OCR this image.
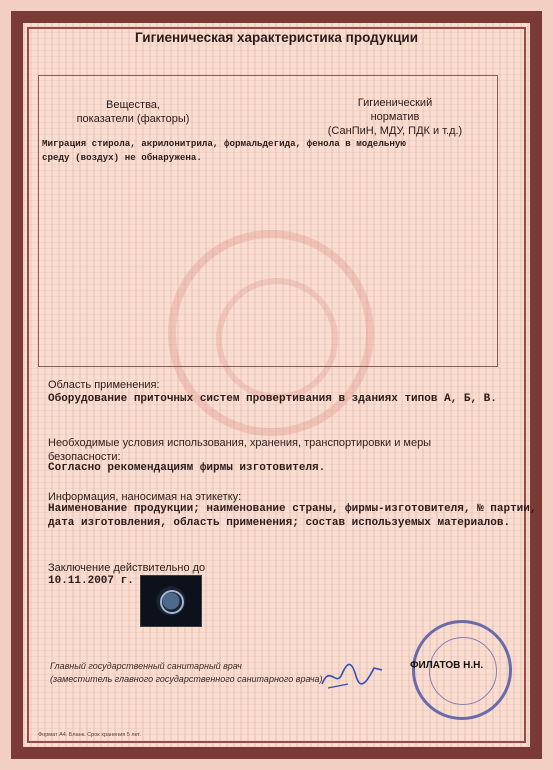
Гигиеническая характеристика продукции
Вещества,
показатели (факторы)
Гигиенический
норматив
(СанПиН, МДУ, ПДК и т.д.)
Миграция стирола, акрилонитрила, формальдегида, фенола в модельную
среду (воздух) не обнаружена.
Область применения:
Оборудование приточных систем провертивания в зданиях типов А, Б, В.
Необходимые условия использования, хранения, транспортировки и меры
безопасности:
Согласно рекомендациям фирмы изготовителя.
Информация, наносимая на этикетку:
Наименование продукции; наименование страны, фирмы-изготовителя, № партии,
дата изготовления, область применения; состав используемых материалов.
Заключение действительно до
10.11.2007 г.
Главный государственный санитарный врач
(заместитель главного государственного санитарного врача)
ФИЛАТОВ Н.Н.
Формат А4. Бланк. Срок хранения 5 лет.
